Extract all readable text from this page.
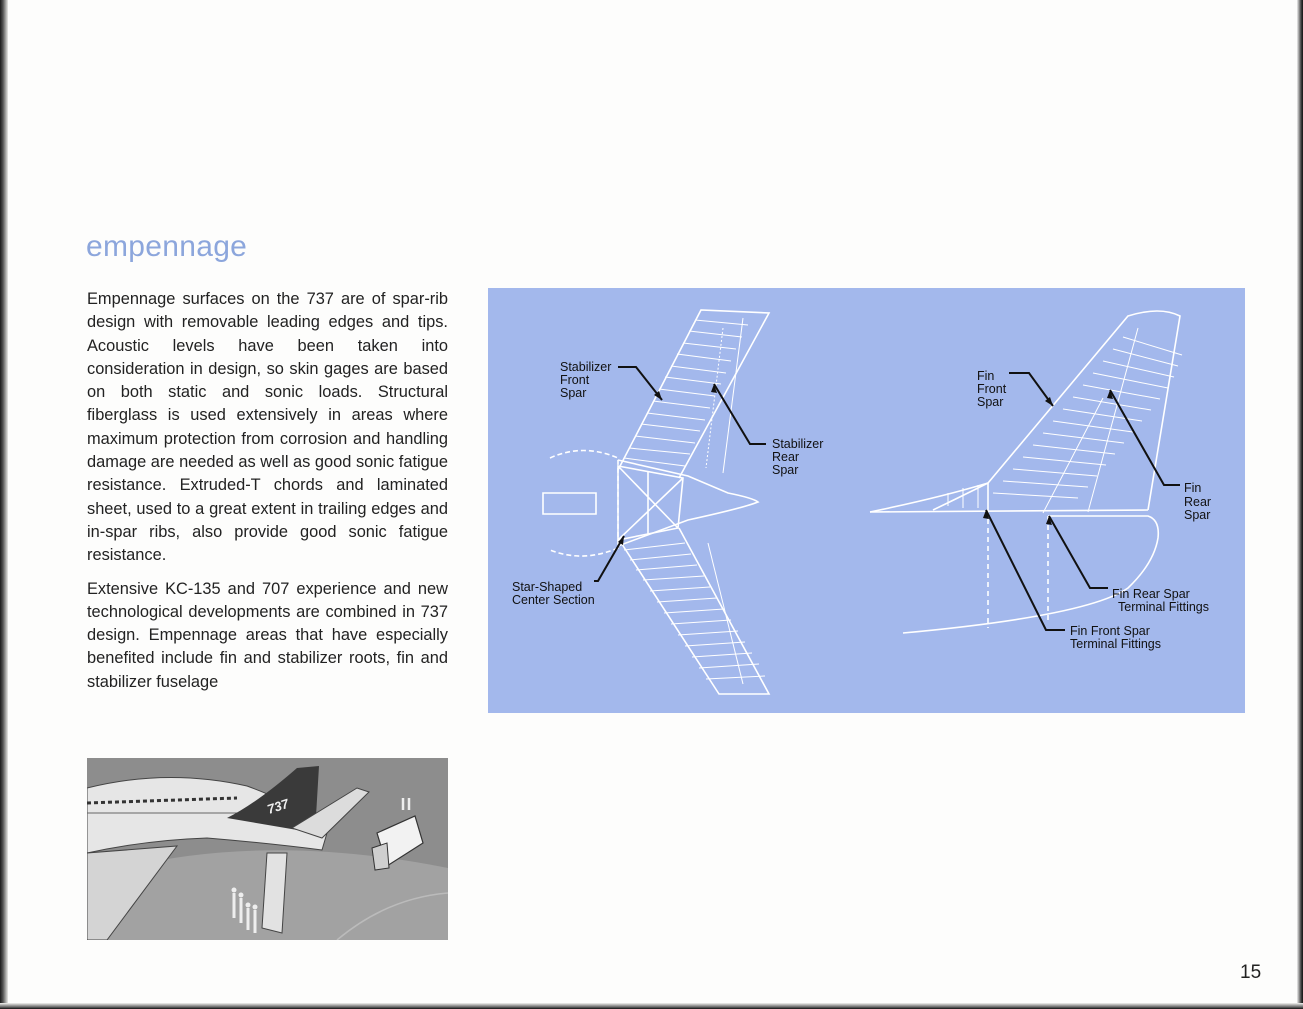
empennage

Empennage surfaces on the 737 are of spar-rib design with removable leading edges and tips. Acoustic levels have been taken into consideration in design, so skin gages are based on both static and sonic loads. Structural fiberglass is used extensively in areas where maximum protection from corrosion and handling damage are needed as well as good sonic fatigue resistance. Extruded-T chords and laminated sheet, used to a great extent in trailing edges and in-spar ribs, also provide good sonic fatigue resistance.

Extensive KC-135 and 707 experience and new technological developments are combined in 737 design. Empennage areas that have especially benefited include fin and stabilizer roots, fin and stabilizer fuselage

Stabilizer Front Spar
Stabilizer Rear Spar
Star-Shaped Center Section
Fin Front Spar
Fin Rear Spar
Fin Rear Spar Terminal Fittings
Fin Front Spar Terminal Fittings
737
15
